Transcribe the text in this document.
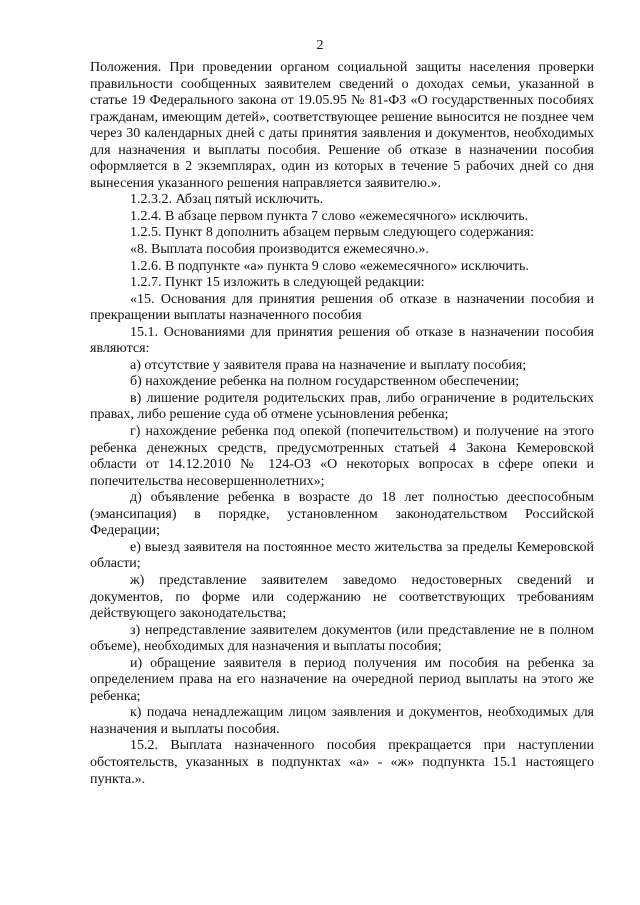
2

Положения. При проведении органом социальной защиты населения проверки правильности сообщенных заявителем сведений о доходах семьи, указанной в статье 19 Федерального закона от 19.05.95 № 81-ФЗ «О государственных пособиях гражданам, имеющим детей», соответствующее решение выносится не позднее чем через 30 календарных дней с даты принятия заявления и документов, необходимых для назначения и выплаты пособия. Решение об отказе в назначении пособия оформляется в 2 экземплярах, один из которых в течение 5 рабочих дней со дня вынесения указанного решения направляется заявителю.».

1.2.3.2. Абзац пятый исключить.

1.2.4. В абзаце первом пункта 7 слово «ежемесячного» исключить.

1.2.5. Пункт 8 дополнить абзацем первым следующего содержания:

«8. Выплата пособия производится ежемесячно.».

1.2.6. В подпункте «а» пункта 9 слово «ежемесячного» исключить.

1.2.7. Пункт 15 изложить в следующей редакции:

«15. Основания для принятия решения об отказе в назначении пособия и прекращении выплаты назначенного пособия

15.1. Основаниями для принятия решения об отказе в назначении пособия являются:

а) отсутствие у заявителя права на назначение и выплату пособия;

б) нахождение ребенка на полном государственном обеспечении;

в) лишение родителя родительских прав, либо ограничение в родительских правах, либо решение суда об отмене усыновления ребенка;

г) нахождение ребенка под опекой (попечительством) и получение на этого ребенка денежных средств, предусмотренных статьей 4 Закона Кемеровской области от 14.12.2010 № 124-ОЗ «О некоторых вопросах в сфере опеки и попечительства несовершеннолетних»;

д) объявление ребенка в возрасте до 18 лет полностью дееспособным (эмансипация) в порядке, установленном законодательством Российской Федерации;

е) выезд заявителя на постоянное место жительства за пределы Кемеровской области;

ж) представление заявителем заведомо недостоверных сведений и документов, по форме или содержанию не соответствующих требованиям действующего законодательства;

з) непредставление заявителем документов (или представление не в полном объеме), необходимых для назначения и выплаты пособия;

и) обращение заявителя в период получения им пособия на ребенка за определением права на его назначение на очередной период выплаты на этого же ребенка;

к) подача ненадлежащим лицом заявления и документов, необходимых для назначения и выплаты пособия.

15.2. Выплата назначенного пособия прекращается при наступлении обстоятельств, указанных в подпунктах «а» - «ж» подпункта 15.1 настоящего пункта.».
